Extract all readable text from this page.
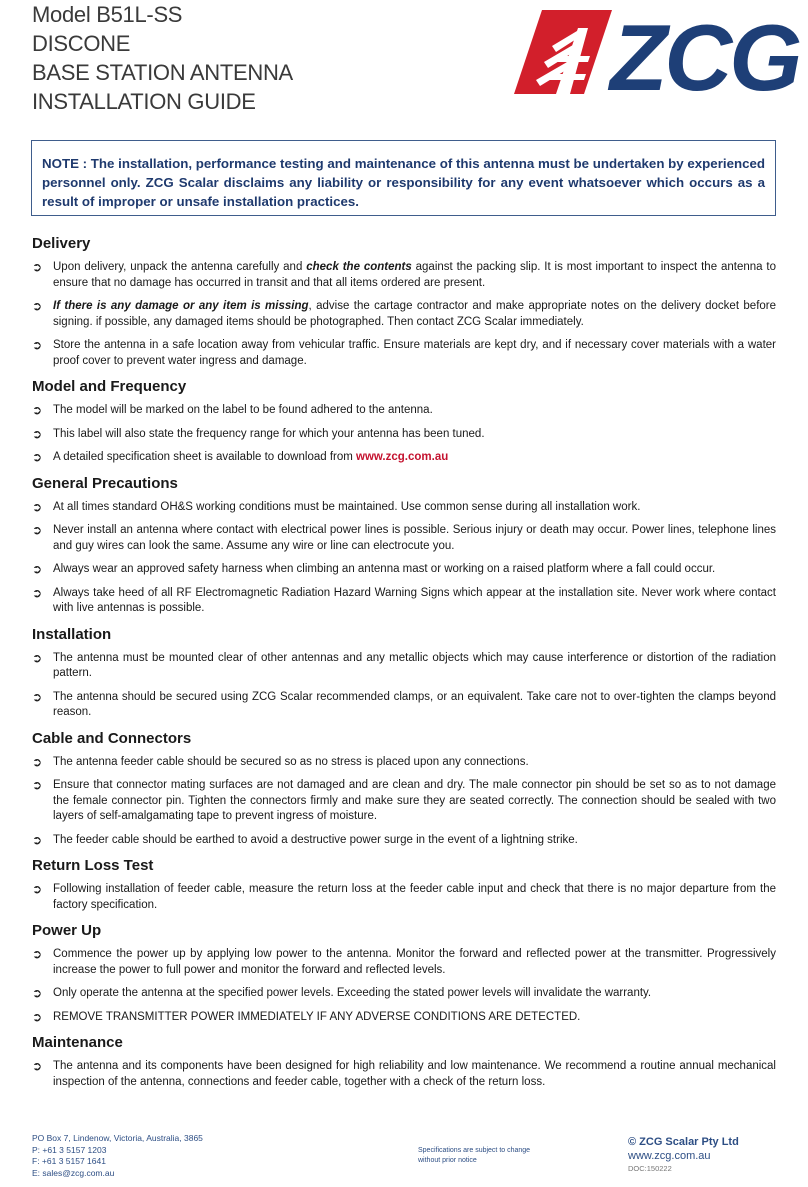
Model B51L-SS
DISCONE
BASE STATION ANTENNA
INSTALLATION GUIDE	ZCG
NOTE : The installation, performance testing and maintenance of this antenna must be undertaken by experienced personnel only. ZCG Scalar disclaims any liability or responsibility for any event whatsoever which occurs as a result of improper or unsafe installation practices.
Delivery
➲ Upon delivery, unpack the antenna carefully and check the contents against the packing slip. It is most important to inspect the antenna to ensure that no damage has occurred in transit and that all items ordered are present.
➲ If there is any damage or any item is missing, advise the cartage contractor and make appropriate notes on the delivery docket before signing. if possible, any damaged items should be photographed. Then contact ZCG Scalar immediately.
➲ Store the antenna in a safe location away from vehicular traffic. Ensure materials are kept dry, and if necessary cover materials with a water proof cover to prevent water ingress and damage.
Model and Frequency
➲ The model will be marked on the label to be found adhered to the antenna.
➲ This label will also state the frequency range for which your antenna has been tuned.
➲ A detailed specification sheet is available to download from www.zcg.com.au
General Precautions
➲ At all times standard OH&S working conditions must be maintained. Use common sense during all installation work.
➲ Never install an antenna where contact with electrical power lines is possible. Serious injury or death may occur. Power lines, telephone lines and guy wires can look the same. Assume any wire or line can electrocute you.
➲ Always wear an approved safety harness when climbing an antenna mast or working on a raised platform where a fall could occur.
➲ Always take heed of all RF Electromagnetic Radiation Hazard Warning Signs which appear at the installation site. Never work where contact with live antennas is possible.
Installation
➲ The antenna must be mounted clear of other antennas and any metallic objects which may cause interference or distortion of the radiation pattern.
➲ The antenna should be secured using ZCG Scalar recommended clamps, or an equivalent. Take care not to over-tighten the clamps beyond reason.
Cable and Connectors
➲ The antenna feeder cable should be secured so as no stress is placed upon any connections.
➲ Ensure that connector mating surfaces are not damaged and are clean and dry. The male connector pin should be set so as to not damage the female connector pin. Tighten the connectors firmly and make sure they are seated correctly. The connection should be sealed with two layers of self-amalgamating tape to prevent ingress of moisture.
➲ The feeder cable should be earthed to avoid a destructive power surge in the event of a lightning strike.
Return Loss Test
➲ Following installation of feeder cable, measure the return loss at the feeder cable input and check that there is no major departure from the factory specification.
Power Up
➲ Commence the power up by applying low power to the antenna. Monitor the forward and reflected power at the transmitter. Progressively increase the power to full power and monitor the forward and reflected levels.
➲ Only operate the antenna at the specified power levels. Exceeding the stated power levels will invalidate the warranty.
➲ REMOVE TRANSMITTER POWER IMMEDIATELY IF ANY ADVERSE CONDITIONS ARE DETECTED.
Maintenance
➲ The antenna and its components have been designed for high reliability and low maintenance. We recommend a routine annual mechanical inspection of the antenna, connections and feeder cable, together with a check of the return loss.
PO Box 7, Lindenow, Victoria, Australia, 3865
P: +61 3 5157 1203
F: +61 3 5157 1641
E: sales@zcg.com.au
Specifications are subject to change
without prior notice
© ZCG Scalar Pty Ltd
www.zcg.com.au
DOC:150222
